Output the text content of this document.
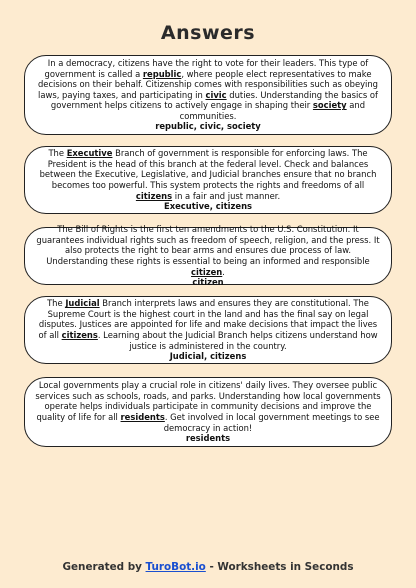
Answers

In a democracy, citizens have the right to vote for their leaders. This type of government is called a republic, where people elect representatives to make decisions on their behalf. Citizenship comes with responsibilities such as obeying laws, paying taxes, and participating in civic duties. Understanding the basics of government helps citizens to actively engage in shaping their society and communities.

republic, civic, society

The Executive Branch of government is responsible for enforcing laws. The President is the head of this branch at the federal level. Check and balances between the Executive, Legislative, and Judicial branches ensure that no branch becomes too powerful. This system protects the rights and freedoms of all citizens in a fair and just manner.

Executive, citizens

The Bill of Rights is the first ten amendments to the U.S. Constitution. It guarantees individual rights such as freedom of speech, religion, and the press. It also protects the right to bear arms and ensures due process of law. Understanding these rights is essential to being an informed and responsible citizen.

citizen

The Judicial Branch interprets laws and ensures they are constitutional. The Supreme Court is the highest court in the land and has the final say on legal disputes. Justices are appointed for life and make decisions that impact the lives of all citizens. Learning about the Judicial Branch helps citizens understand how justice is administered in the country.

Judicial, citizens

Local governments play a crucial role in citizens' daily lives. They oversee public services such as schools, roads, and parks. Understanding how local governments operate helps individuals participate in community decisions and improve the quality of life for all residents. Get involved in local government meetings to see democracy in action!

residents

Generated by TuroBot.io - Worksheets in Seconds
